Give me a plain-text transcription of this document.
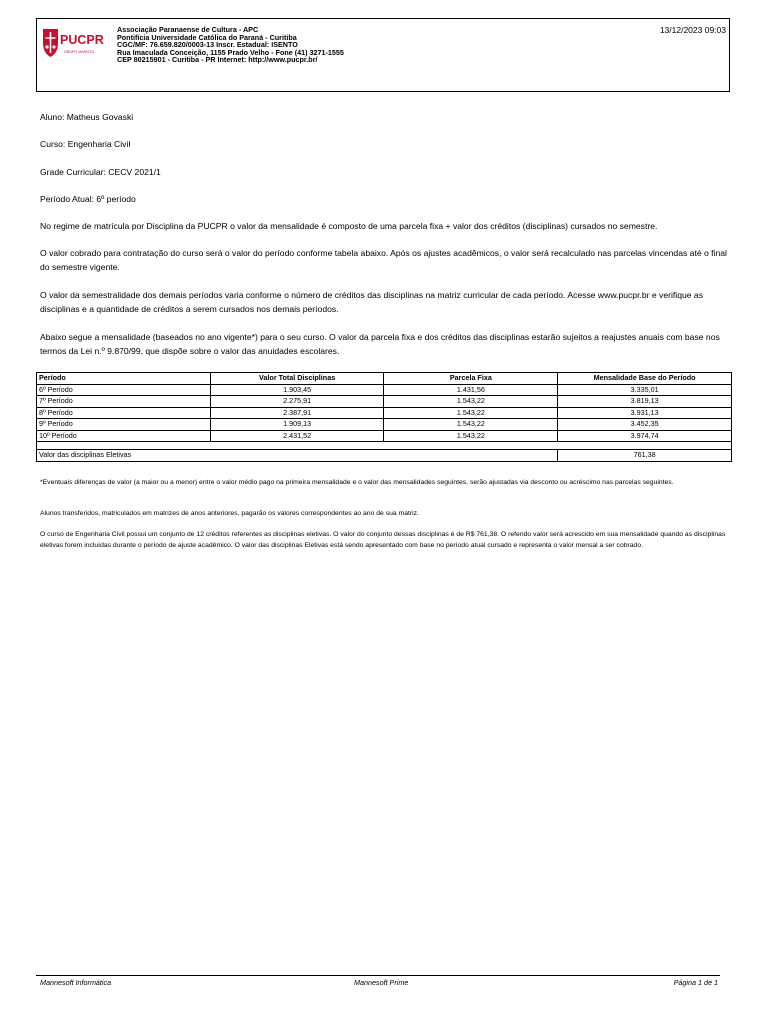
PUCPR
GRUPO MARISTA
Associação Paranaense de Cultura - APC
Pontifícia Universidade Católica do Paraná - Curitiba
CGC/MF: 76.659.820/0003-13 Inscr. Estadual: ISENTO
Rua Imaculada Conceição, 1155 Prado Velho - Fone (41) 3271-1555
CEP 80215901 - Curitiba - PR Internet: http://www.pucpr.br/
13/12/2023 09:03
Aluno: Matheus Govaski
Curso: Engenharia Civil
Grade Curricular: CECV 2021/1
Período Atual: 6º período
No regime de matrícula por Disciplina da PUCPR o valor da mensalidade é composto de uma parcela fixa + valor dos créditos (disciplinas) cursados no semestre.
O valor cobrado para contratação do curso será o valor do período conforme tabela abaixo. Após os ajustes acadêmicos, o valor será recalculado nas parcelas vincendas até o final do semestre vigente.
O valor da semestralidade dos demais períodos varia conforme o número de créditos das disciplinas na matriz curricular de cada período. Acesse www.pucpr.br e verifique as disciplinas e a quantidade de créditos a serem cursados nos demais períodos.
Abaixo segue a mensalidade (baseados no ano vigente*) para o seu curso. O valor da parcela fixa e dos créditos das disciplinas estarão sujeitos a reajustes anuais com base nos termos da Lei n.º 9.870/99, que dispõe sobre o valor das anuidades escolares.
Período	Valor Total Disciplinas	Parcela Fixa	Mensalidade Base do Período
6º Período	1.903,45	1.431,56	3.335,01
7º Período	2.275,91	1.543,22	3.819,13
8º Período	2.387,91	1.543,22	3.931,13
9º Período	1.909,13	1.543,22	3.452,35
10º Período	2.431,52	1.543,22	3.974,74

Valor das disciplinas Eletivas			761,38
*Eventuais diferenças de valor (a maior ou a menor) entre o valor médio pago na primeira mensalidade e o valor das mensalidades seguintes, serão ajustadas via desconto ou acréscimo nas parcelas seguintes.
Alunos transferidos, matriculados em matrizes de anos anteriores, pagarão os valores correspondentes ao ano de sua matriz.
O curso de Engenharia Civil possui um conjunto de 12 créditos referentes as disciplinas eletivas. O valor do conjunto dessas disciplinas é de R$ 761,38. O referido valor será acrescido em sua mensalidade quando as disciplinas eletivas forem incluídas durante o período de ajuste acadêmico. O valor das disciplinas Eletivas está sendo apresentado com base no período atual cursado e representa o valor mensal a ser cobrado.
Mannesoft Informática	Mannesoft Prime	Página 1 de 1
